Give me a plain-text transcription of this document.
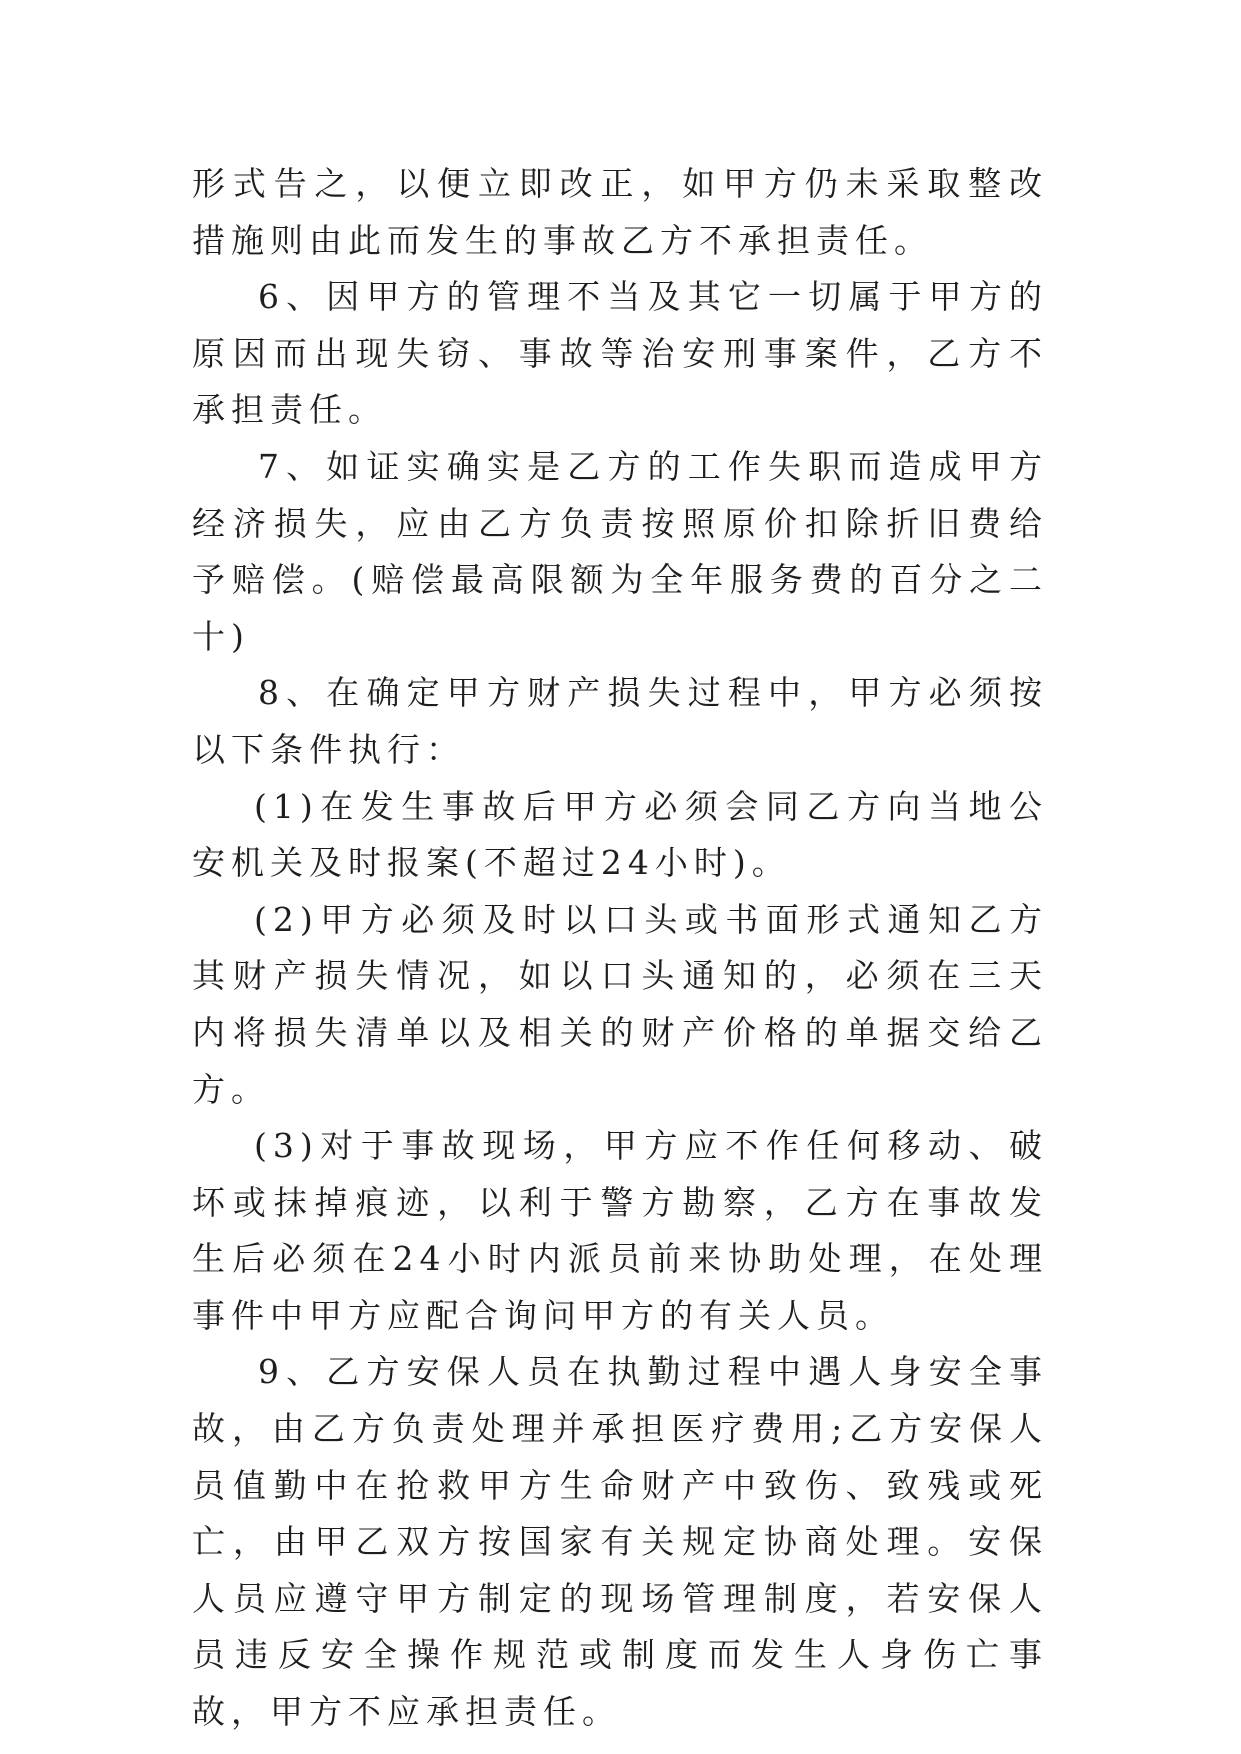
形式告之，以便立即改正，如甲方仍未采取整改措施则由此而发生的事故乙方不承担责任。

6、因甲方的管理不当及其它一切属于甲方的原因而出现失窃、事故等治安刑事案件，乙方不承担责任。

7、如证实确实是乙方的工作失职而造成甲方经济损失，应由乙方负责按照原价扣除折旧费给予赔偿。(赔偿最高限额为全年服务费的百分之二十)

8、在确定甲方财产损失过程中，甲方必须按以下条件执行：

(1)在发生事故后甲方必须会同乙方向当地公安机关及时报案(不超过24小时)。

(2)甲方必须及时以口头或书面形式通知乙方其财产损失情况，如以口头通知的，必须在三天内将损失清单以及相关的财产价格的单据交给乙方。

(3)对于事故现场，甲方应不作任何移动、破坏或抹掉痕迹，以利于警方勘察，乙方在事故发生后必须在24小时内派员前来协助处理，在处理事件中甲方应配合询问甲方的有关人员。

9、乙方安保人员在执勤过程中遇人身安全事故，由乙方负责处理并承担医疗费用;乙方安保人员值勤中在抢救甲方生命财产中致伤、致残或死亡，由甲乙双方按国家有关规定协商处理。安保人员应遵守甲方制定的现场管理制度，若安保人员违反安全操作规范或制度而发生人身伤亡事故，甲方不应承担责任。
